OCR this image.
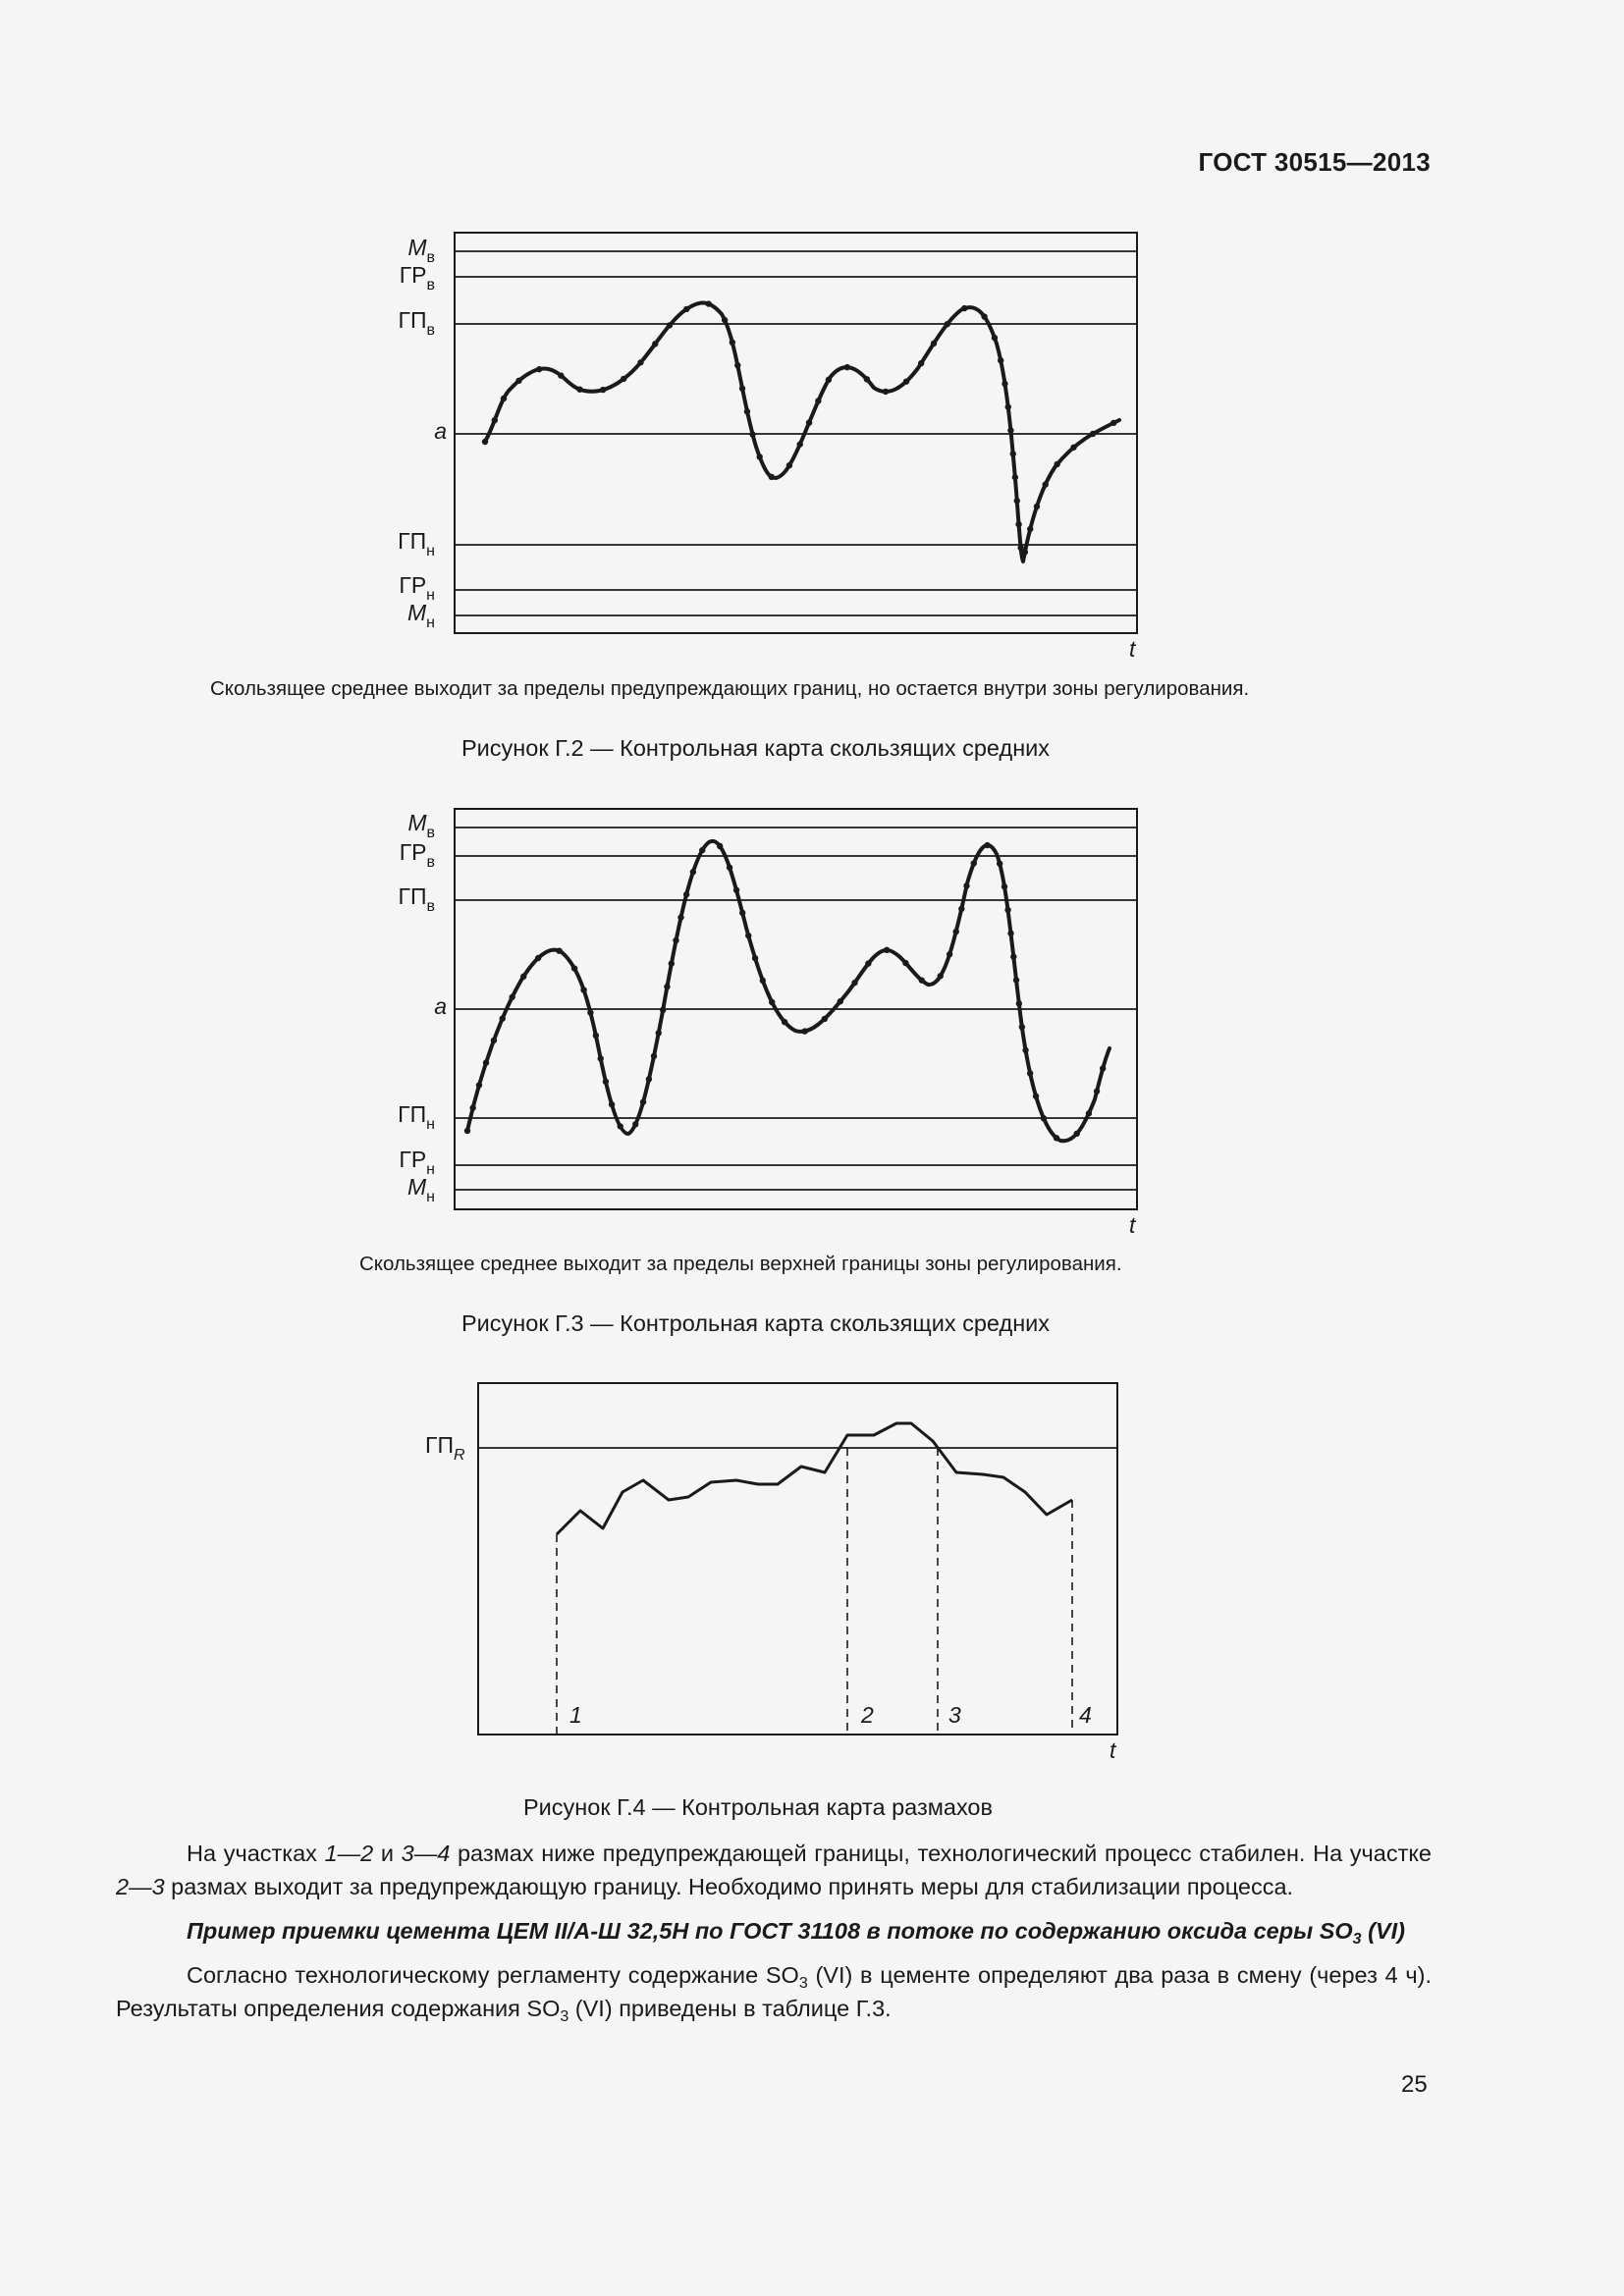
ГОСТ 30515—2013
$M_в$
$ГР_в$
$ГП_в$
a
$ГП_н$
$ГР_н$
$M_н$
t
Скользящее среднее выходит за пределы предупреждающих границ, но остается внутри зоны регулирования.
Рисунок Г.2 — Контрольная карта скользящих средних
$M_в$
$ГР_в$
$ГП_в$
a
$ГП_н$
$ГР_н$
$M_н$
t
Скользящее среднее выходит за пределы верхней границы зоны регулирования.
Рисунок Г.3 — Контрольная карта скользящих средних
1	2	3	4
$ГП_R$
t
Рисунок Г.4 — Контрольная карта размахов
На участках 1—2 и 3—4 размах ниже предупреждающей границы, технологический процесс стабилен. На участке 2—3 размах выходит за предупреждающую границу. Необходимо принять меры для стабилизации процесса.
Пример приемки цемента ЦЕМ II/А-Ш 32,5Н по ГОСТ 31108 в потоке по содержанию оксида серы $SO_3$ (VI)
Согласно технологическому регламенту содержание $SO_3$ (VI) в цементе определяют два раза в смену (через 4 ч). Результаты определения содержания $SO_3$ (VI) приведены в таблице Г.3.
25
